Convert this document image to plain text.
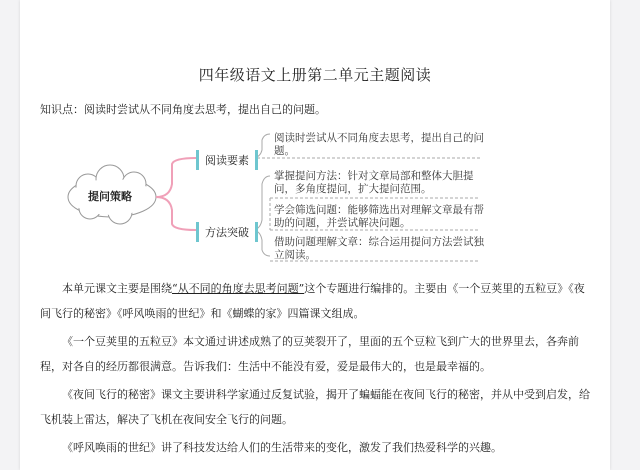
四年级语文上册第二单元主题阅读
知识点：阅读时尝试从不同角度去思考，提出自己的问题。
提问策略
阅读要素
方法突破
阅读时尝试从不同角度去思考，提出自己的问题。
掌握提问方法：针对文章局部和整体大胆提问，多角度提问，扩大提问范围。
学会筛选问题：能够筛选出对理解文章最有帮助的问题，并尝试解决问题。
借助问题理解文章：综合运用提问方法尝试独立阅读。

本单元课文主要是围绕“从不同的角度去思考问题”这个专题进行编排的。主要由《一个豆荚里的五粒豆》《夜间飞行的秘密》《呼风唤雨的世纪》和《蝴蝶的家》四篇课文组成。

《一个豆荚里的五粒豆》本文通过讲述成熟了的豆荚裂开了，里面的五个豆粒飞到广大的世界里去，各奔前程，对各自的经历都很满意。告诉我们：生活中不能没有爱，爱是最伟大的，也是最幸福的。

《夜间飞行的秘密》课文主要讲科学家通过反复试验，揭开了蝙蝠能在夜间飞行的秘密，并从中受到启发，给飞机装上雷达，解决了飞机在夜间安全飞行的问题。

《呼风唤雨的世纪》讲了科技发达给人们的生活带来的变化，激发了我们热爱科学的兴趣。
